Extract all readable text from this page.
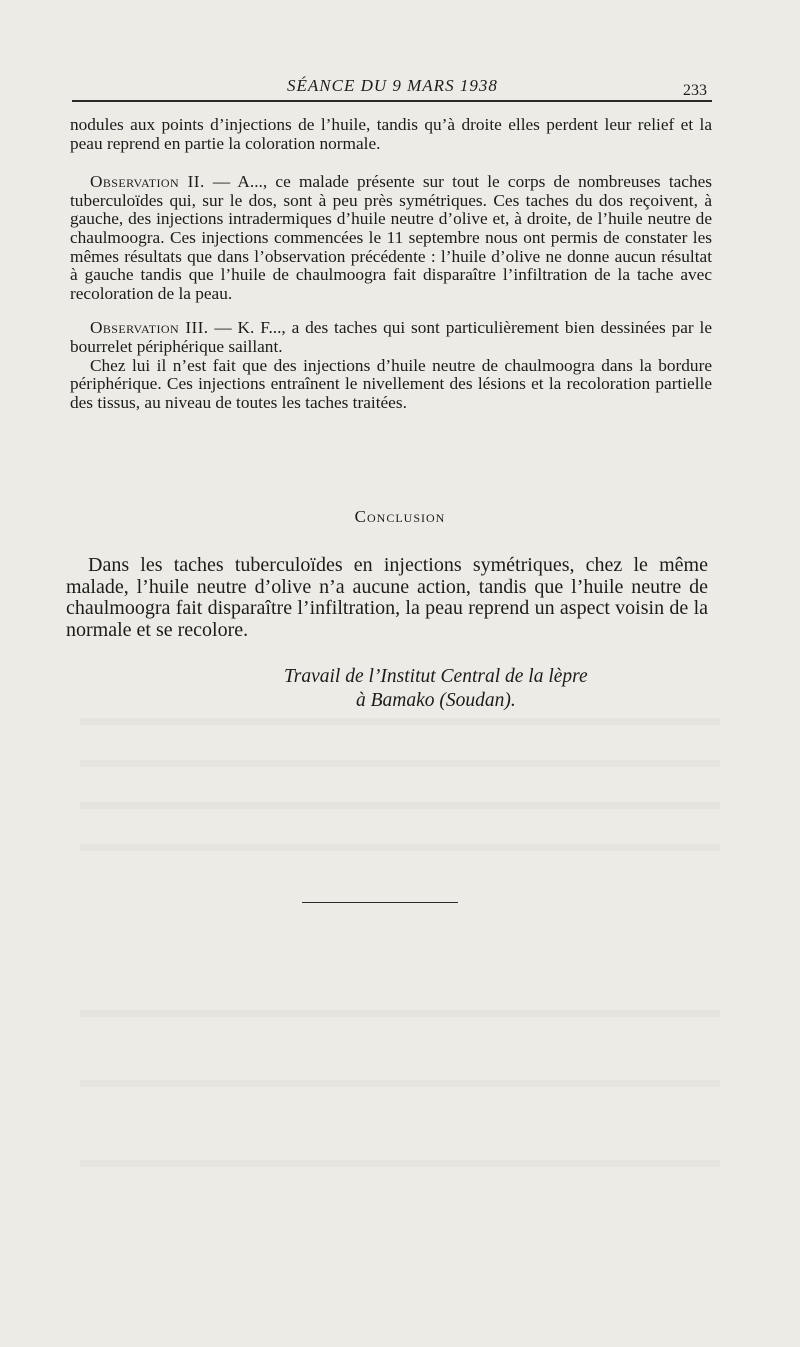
SÉANCE DU 9 MARS 1938	233

nodules aux points d’injections de l’huile, tandis qu’à droite elles perdent leur relief et la peau reprend en partie la coloration normale.

Observation II. — A..., ce malade présente sur tout le corps de nombreuses taches tuberculoïdes qui, sur le dos, sont à peu près symétriques. Ces taches du dos reçoivent, à gauche, des injections intradermiques d’huile neutre d’olive et, à droite, de l’huile neutre de chaulmoogra. Ces injections commencées le 11 septembre nous ont permis de constater les mêmes résultats que dans l’observation précédente : l’huile d’olive ne donne aucun résultat à gauche tandis que l’huile de chaulmoogra fait disparaître l’infiltration de la tache avec recoloration de la peau.

Observation III. — K. F..., a des taches qui sont particulièrement bien dessinées par le bourrelet périphérique saillant.

Chez lui il n’est fait que des injections d’huile neutre de chaulmoogra dans la bordure périphérique. Ces injections entraînent le nivellement des lésions et la recoloration partielle des tissus, au niveau de toutes les taches traitées.

Conclusion

Dans les taches tuberculoïdes en injections symétriques, chez le même malade, l’huile neutre d’olive n’a aucune action, tandis que l’huile neutre de chaulmoogra fait disparaître l’infiltration, la peau reprend un aspect voisin de la normale et se recolore.

Travail de l’Institut Central de la lèpre
à Bamako (Soudan).
